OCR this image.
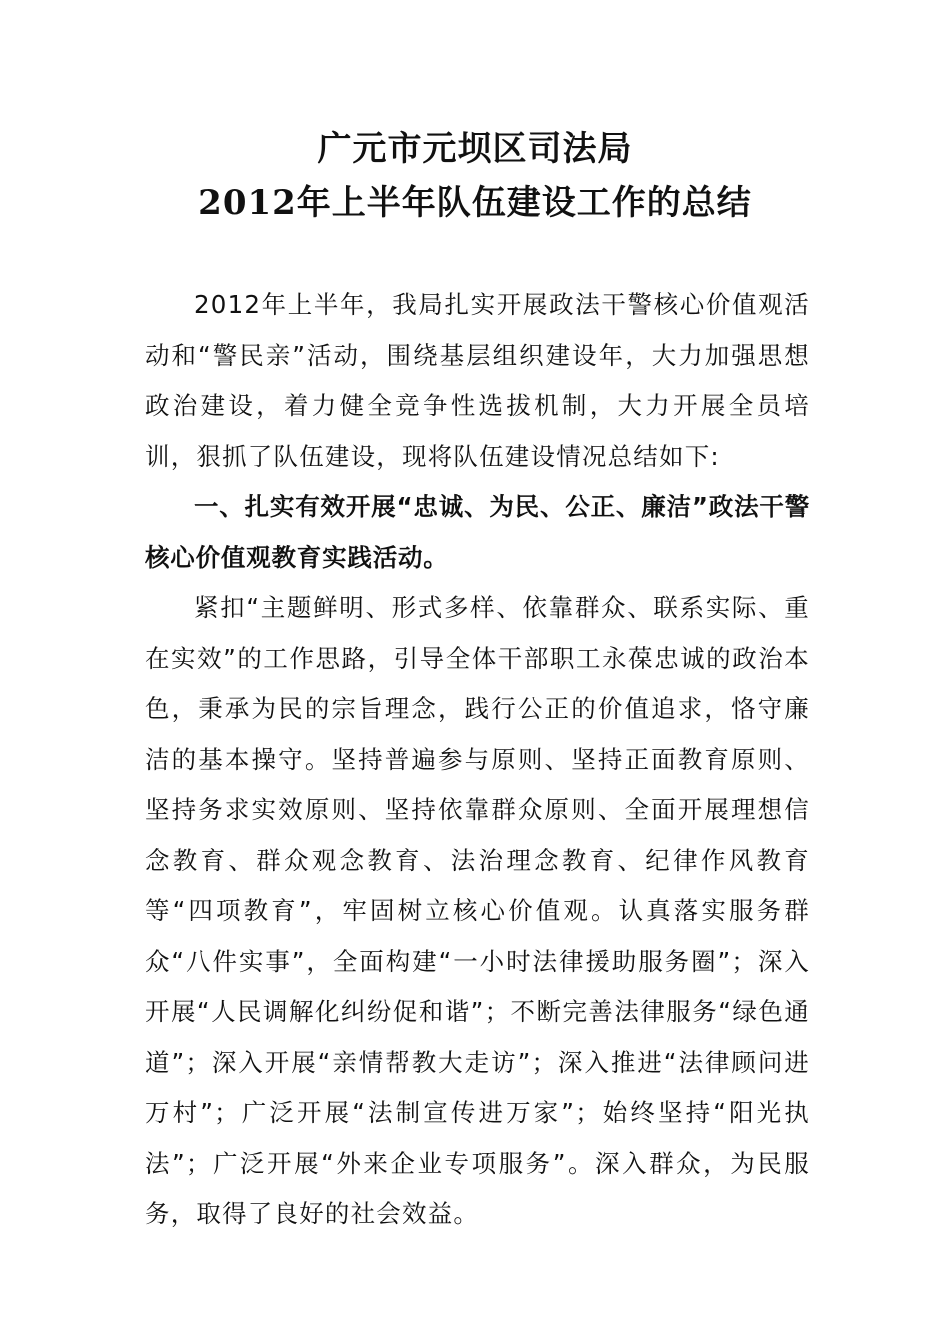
广元市元坝区司法局
2012年上半年队伍建设工作的总结

2012年上半年，我局扎实开展政法干警核心价值观活动和“警民亲”活动，围绕基层组织建设年，大力加强思想政治建设，着力健全竞争性选拔机制，大力开展全员培训，狠抓了队伍建设，现将队伍建设情况总结如下:

一、扎实有效开展“忠诚、为民、公正、廉洁”政法干警核心价值观教育实践活动。

紧扣“主题鲜明、形式多样、依靠群众、联系实际、重在实效”的工作思路，引导全体干部职工永葆忠诚的政治本色，秉承为民的宗旨理念，践行公正的价值追求，恪守廉洁的基本操守。坚持普遍参与原则、坚持正面教育原则、坚持务求实效原则、坚持依靠群众原则、全面开展理想信念教育、群众观念教育、法治理念教育、纪律作风教育等“四项教育”，牢固树立核心价值观。认真落实服务群众“八件实事”，全面构建“一小时法律援助服务圈”；深入开展“人民调解化纠纷促和谐”；不断完善法律服务“绿色通道”；深入开展“亲情帮教大走访”；深入推进“法律顾问进万村”；广泛开展“法制宣传进万家”；始终坚持“阳光执法”；广泛开展“外来企业专项服务”。深入群众，为民服务，取得了良好的社会效益。
